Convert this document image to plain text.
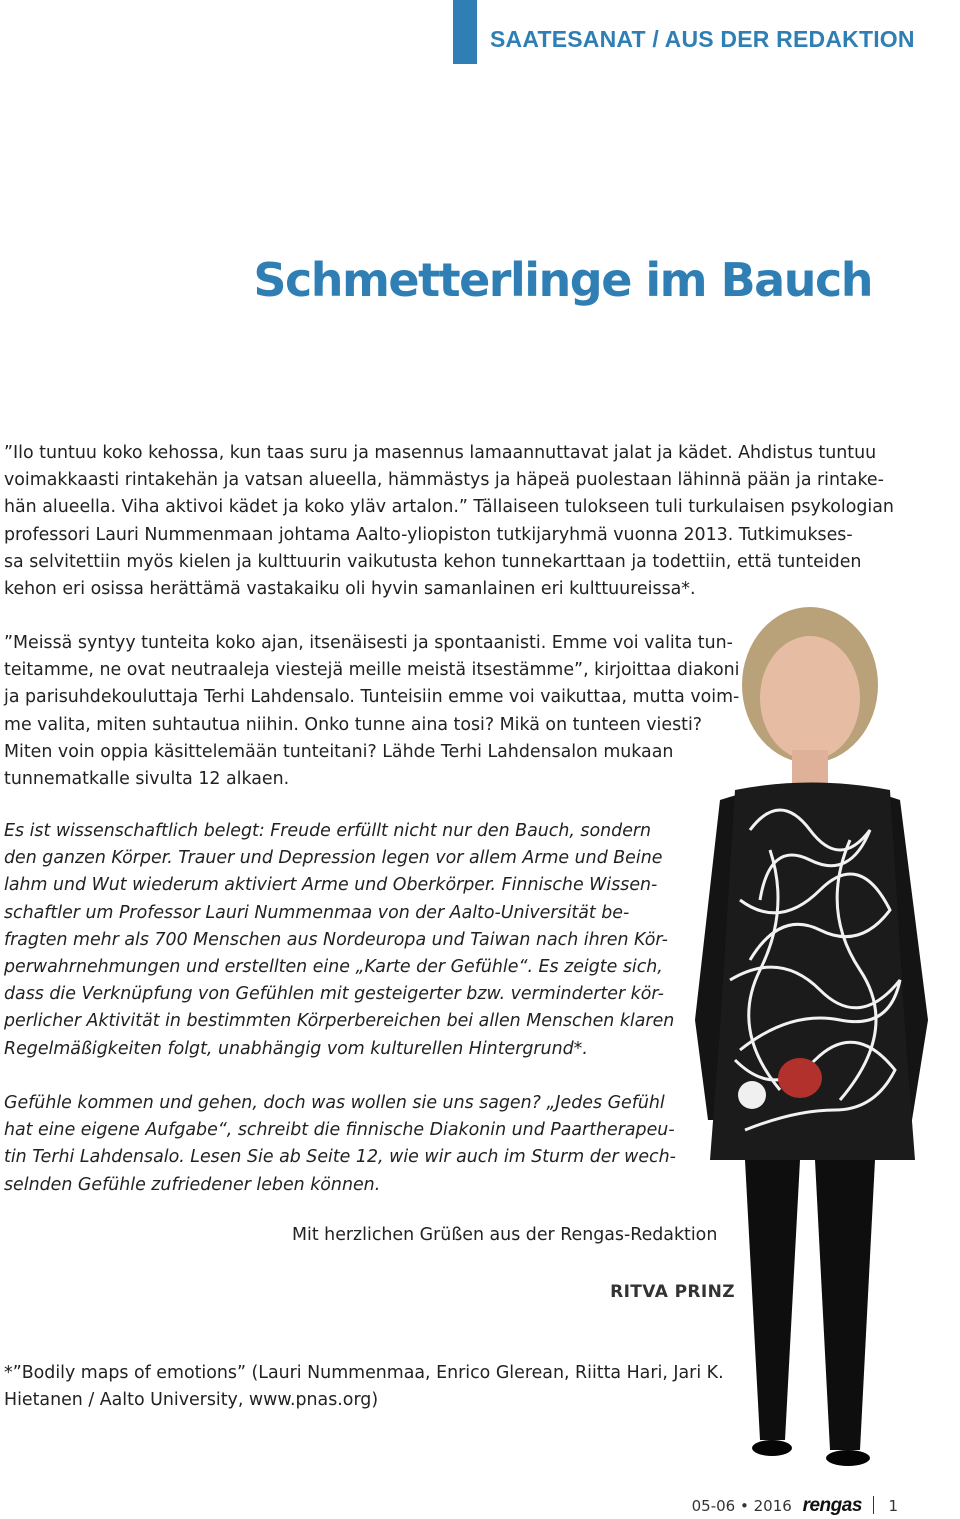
SAATESANAT / AUS DER REDAKTION
Schmetterlinge im Bauch

”Ilo tuntuu koko kehossa, kun taas suru ja masennus lamaannuttavat jalat ja kädet. Ahdistus tuntuu
voimakkaasti rintakehän ja vatsan alueella, hämmästys ja häpeä puolestaan lähinnä pään ja rintake-
hän alueella. Viha aktivoi kädet ja koko yläv artalon.” Tällaiseen tulokseen tuli turkulaisen psykologian
professori Lauri Nummenmaan johtama Aalto-yliopiston tutkijaryhmä vuonna 2013. Tutkimukses-
sa selvitettiin myös kielen ja kulttuurin vaikutusta kehon tunnekarttaan ja todettiin, että tunteiden
kehon eri osissa herättämä vastakaiku oli hyvin samanlainen eri kulttuureissa*.

”Meissä syntyy tunteita koko ajan, itsenäisesti ja spontaanisti. Emme voi valita tun-
teitamme, ne ovat neutraaleja viestejä meille meistä itsestämme”, kirjoittaa diakoni
ja parisuhdekouluttaja Terhi Lahdensalo. Tunteisiin emme voi vaikuttaa, mutta voim-
me valita, miten suhtautua niihin. Onko tunne aina tosi? Mikä on tunteen viesti?
Miten voin oppia käsittelemään tunteitani? Lähde Terhi Lahdensalon mukaan
tunnematkalle sivulta 12 alkaen.

Es ist wissenschaftlich belegt: Freude erfüllt nicht nur den Bauch, sondern
den ganzen Körper. Trauer und Depression legen vor allem Arme und Beine
lahm und Wut wiederum aktiviert Arme und Oberkörper. Finnische Wissen-
schaftler um Professor Lauri Nummenmaa von der Aalto-Universität be-
fragten mehr als 700 Menschen aus Nordeuropa und Taiwan nach ihren Kör-
perwahrnehmungen und erstellten eine „Karte der Gefühle“. Es zeigte sich,
dass die Verknüpfung von Gefühlen mit gesteigerter bzw. verminderter kör-
perlicher Aktivität in bestimmten Körperbereichen bei allen Menschen klaren
Regelmäßigkeiten folgt, unabhängig vom kulturellen Hintergrund*.

Gefühle kommen und gehen, doch was wollen sie uns sagen? „Jedes Gefühl
hat eine eigene Aufgabe“, schreibt die finnische Diakonin und Paartherapeu-
tin Terhi Lahdensalo. Lesen Sie ab Seite 12, wie wir auch im Sturm der wech-
selnden Gefühle zufriedener leben können.

Mit herzlichen Grüßen aus der Rengas-Redaktion
RITVA PRINZ

*”Bodily maps of emotions” (Lauri Nummenmaa, Enrico Glerean, Riitta Hari, Jari K.
Hietanen / Aalto University, www.pnas.org)

05-06 • 2016 rengas 1
